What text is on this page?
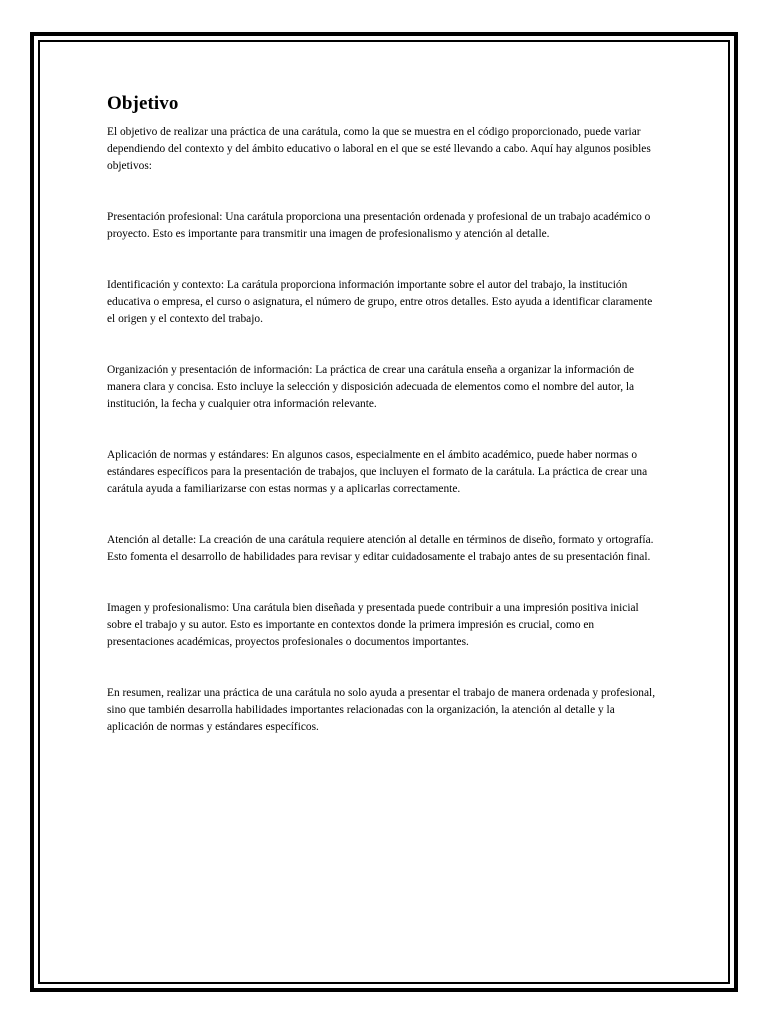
Objetivo

El objetivo de realizar una práctica de una carátula, como la que se muestra en el código proporcionado, puede variar dependiendo del contexto y del ámbito educativo o laboral en el que se esté llevando a cabo. Aquí hay algunos posibles objetivos:

Presentación profesional: Una carátula proporciona una presentación ordenada y profesional de un trabajo académico o proyecto. Esto es importante para transmitir una imagen de profesionalismo y atención al detalle.

Identificación y contexto: La carátula proporciona información importante sobre el autor del trabajo, la institución educativa o empresa, el curso o asignatura, el número de grupo, entre otros detalles. Esto ayuda a identificar claramente el origen y el contexto del trabajo.

Organización y presentación de información: La práctica de crear una carátula enseña a organizar la información de manera clara y concisa. Esto incluye la selección y disposición adecuada de elementos como el nombre del autor, la institución, la fecha y cualquier otra información relevante.

Aplicación de normas y estándares: En algunos casos, especialmente en el ámbito académico, puede haber normas o estándares específicos para la presentación de trabajos, que incluyen el formato de la carátula. La práctica de crear una carátula ayuda a familiarizarse con estas normas y a aplicarlas correctamente.

Atención al detalle: La creación de una carátula requiere atención al detalle en términos de diseño, formato y ortografía. Esto fomenta el desarrollo de habilidades para revisar y editar cuidadosamente el trabajo antes de su presentación final.

Imagen y profesionalismo: Una carátula bien diseñada y presentada puede contribuir a una impresión positiva inicial sobre el trabajo y su autor. Esto es importante en contextos donde la primera impresión es crucial, como en presentaciones académicas, proyectos profesionales o documentos importantes.

En resumen, realizar una práctica de una carátula no solo ayuda a presentar el trabajo de manera ordenada y profesional, sino que también desarrolla habilidades importantes relacionadas con la organización, la atención al detalle y la aplicación de normas y estándares específicos.
